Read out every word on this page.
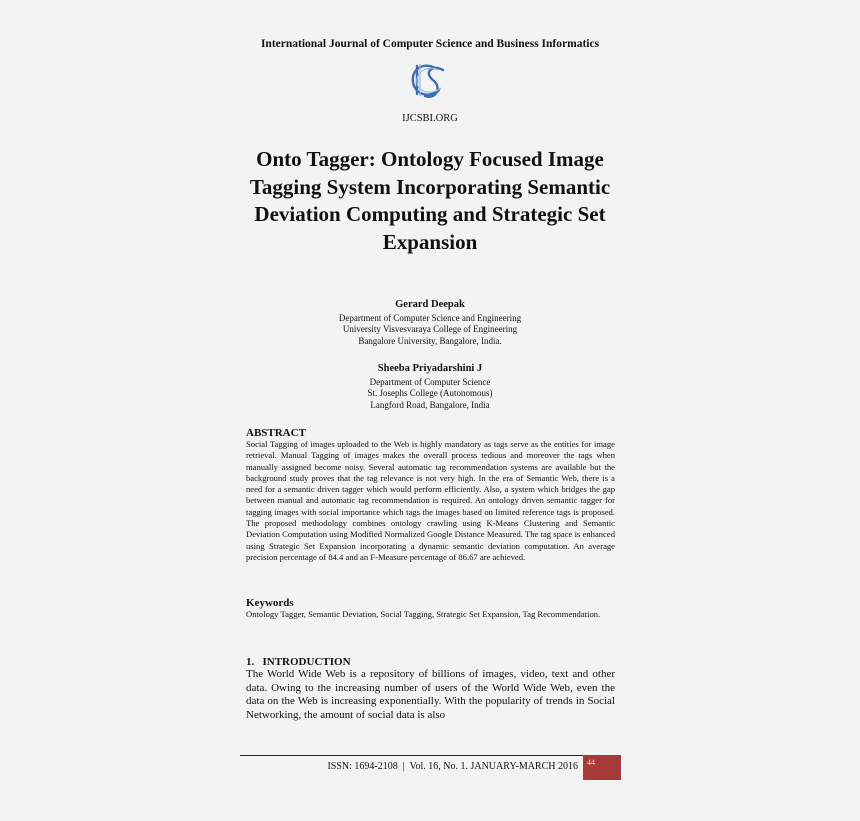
International Journal of Computer Science and Business Informatics
IJCSBI.ORG
Onto Tagger: Ontology Focused Image Tagging System Incorporating Semantic Deviation Computing and Strategic Set Expansion
Gerard Deepak
Department of Computer Science and Engineering
University Visvesvaraya College of Engineering
Bangalore University, Bangalore, India.
Sheeba Priyadarshini J
Department of Computer Science
St. Josephs College (Autonomous)
Langford Road, Bangalore, India
ABSTRACT
Social Tagging of images uploaded to the Web is highly mandatory as tags serve as the entities for image retrieval. Manual Tagging of images makes the overall process tedious and moreover the tags when manually assigned become noisy. Several automatic tag recommendation systems are available but the background study proves that the tag relevance is not very high. In the era of Semantic Web, there is a need for a semantic driven tagger which would perform efficiently. Also, a system which bridges the gap between manual and automatic tag recommendation is required. An ontology driven semantic tagger for tagging images with social importance which tags the images based on limited reference tags is proposed. The proposed methodology combines ontology crawling using K-Means Clustering and Semantic Deviation Computation using Modified Normalized Google Distance Measured. The tag space is enhanced using Strategic Set Expansion incorporating a dynamic semantic deviation computation. An average precision percentage of 84.4 and an F-Measure percentage of 86.67 are achieved.
Keywords
Ontology Tagger, Semantic Deviation, Social Tagging, Strategic Set Expansion, Tag Recommendation.
1.   INTRODUCTION
The World Wide Web is a repository of billions of images, video, text and other data. Owing to the increasing number of users of the World Wide Web, even the data on the Web is increasing exponentially. With the popularity of trends in Social Networking, the amount of social data is also
ISSN: 1694-2108  |  Vol. 16, No. 1. JANUARY-MARCH 2016 44
